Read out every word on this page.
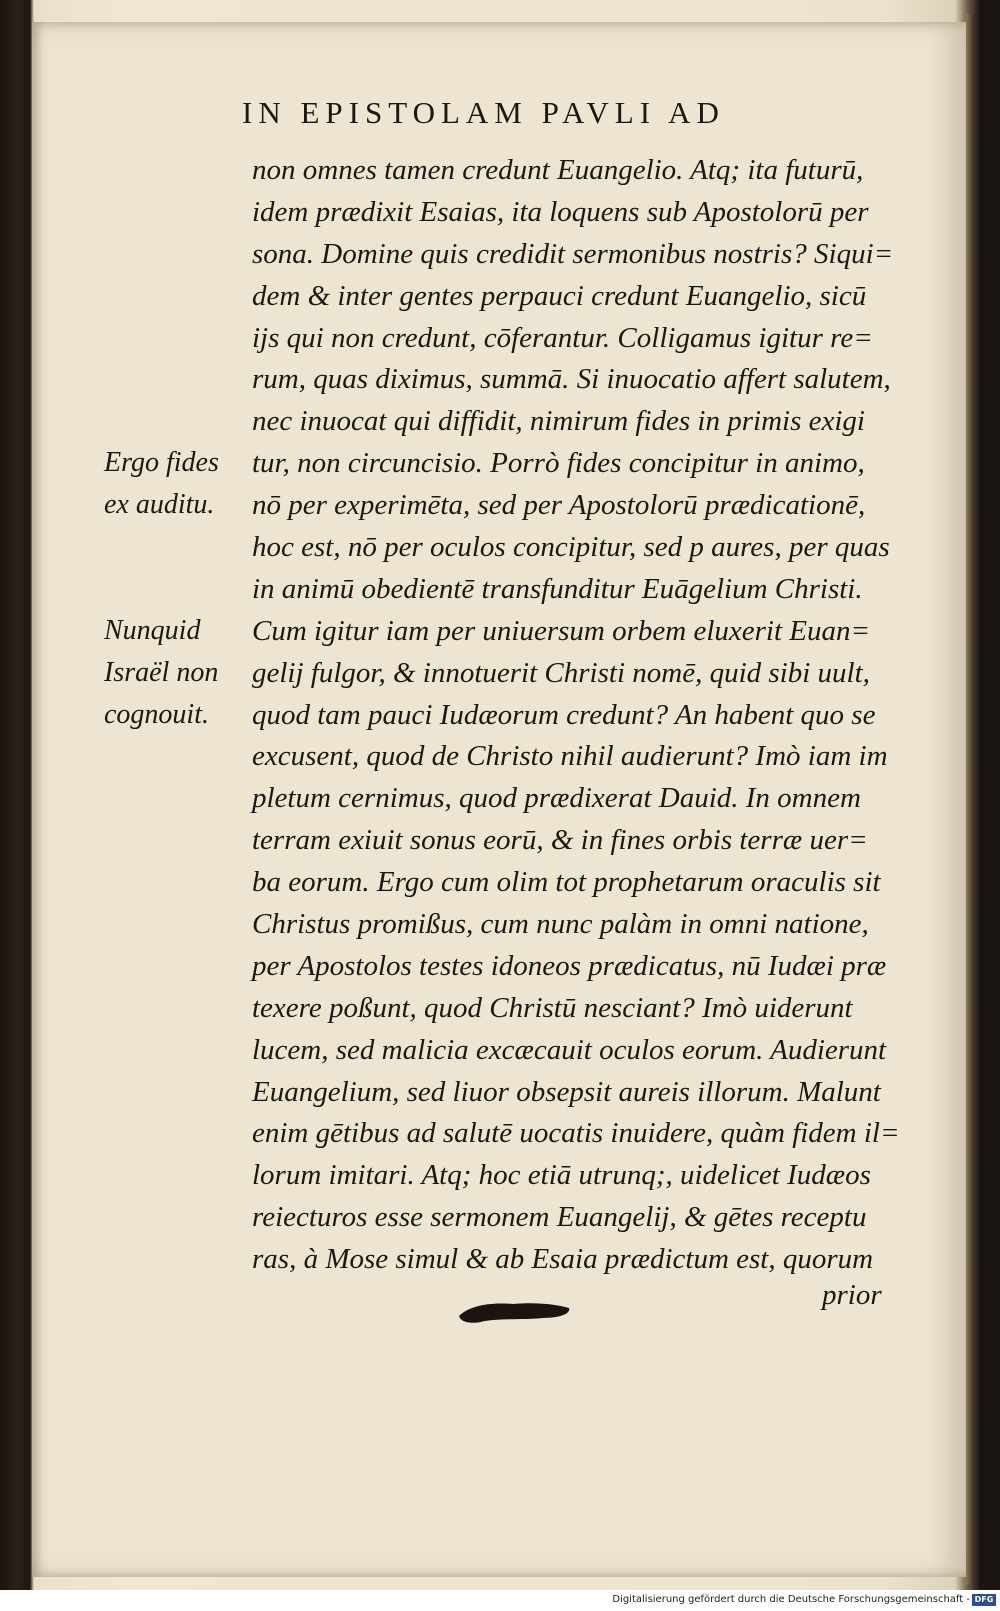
IN EPISTOLAM PAVLI AD
non omnes tamen credunt Euangelio. Atq; ita futurū,
idem prædixit Esaias, ita loquens sub Apostolorū per
sona. Domine quis credidit sermonibus nostris? Siqui=
dem & inter gentes perpauci credunt Euangelio, sicū
ijs qui non credunt, cōferantur. Colligamus igitur re=
rum, quas diximus, summā. Si inuocatio affert salutem,
nec inuocat qui diffidit, nimirum fides in primis exigi
tur, non circuncisio. Porrò fides concipitur in animo,
nō per experimēta, sed per Apostolorū prædicationē,
hoc est, nō per oculos concipitur, sed p aures, per quas
in animū obedientē transfunditur Euāgelium Christi.
Cum igitur iam per uniuersum orbem eluxerit Euan=
gelij fulgor, & innotuerit Christi nomē, quid sibi uult,
quod tam pauci Iudæorum credunt? An habent quo se
excusent, quod de Christo nihil audierunt? Imò iam im
pletum cernimus, quod prædixerat Dauid. In omnem
terram exiuit sonus eorū, & in fines orbis terræ uer=
ba eorum. Ergo cum olim tot prophetarum oraculis sit
Christus promißus, cum nunc palàm in omni natione,
per Apostolos testes idoneos prædicatus, nū Iudæi præ
texere poßunt, quod Christū nesciant? Imò uiderunt
lucem, sed malicia excæcauit oculos eorum. Audierunt
Euangelium, sed liuor obsepsit aureis illorum. Malunt
enim gētibus ad salutē uocatis inuidere, quàm fidem il=
lorum imitari. Atq; hoc etiā utrunq;, uidelicet Iudæos
reiecturos esse sermonem Euangelij, & gētes receptu
ras, à Mose simul & ab Esaia prædictum est, quorum
Ergo fides
ex auditu.
Nunquid
Israël non
cognouit.
prior
Digitalisierung gefördert durch die Deutsche Forschungsgemeinschaft - DFG
